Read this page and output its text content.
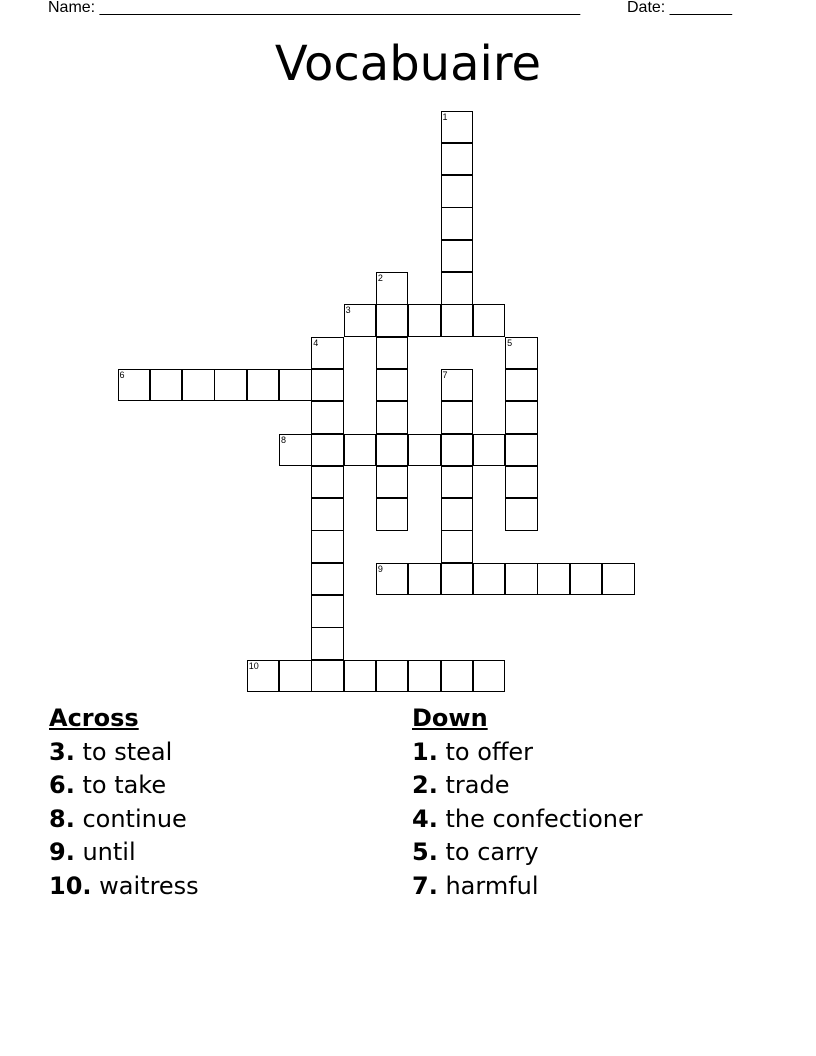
Name: ______________________________________________________	Date: _______
Vocabuaire
1
2
3
4	5
6	7
8
9
10
Across
3. to steal
6. to take
8. continue
9. until
10. waitress
Down
1. to offer
2. trade
4. the confectioner
5. to carry
7. harmful
